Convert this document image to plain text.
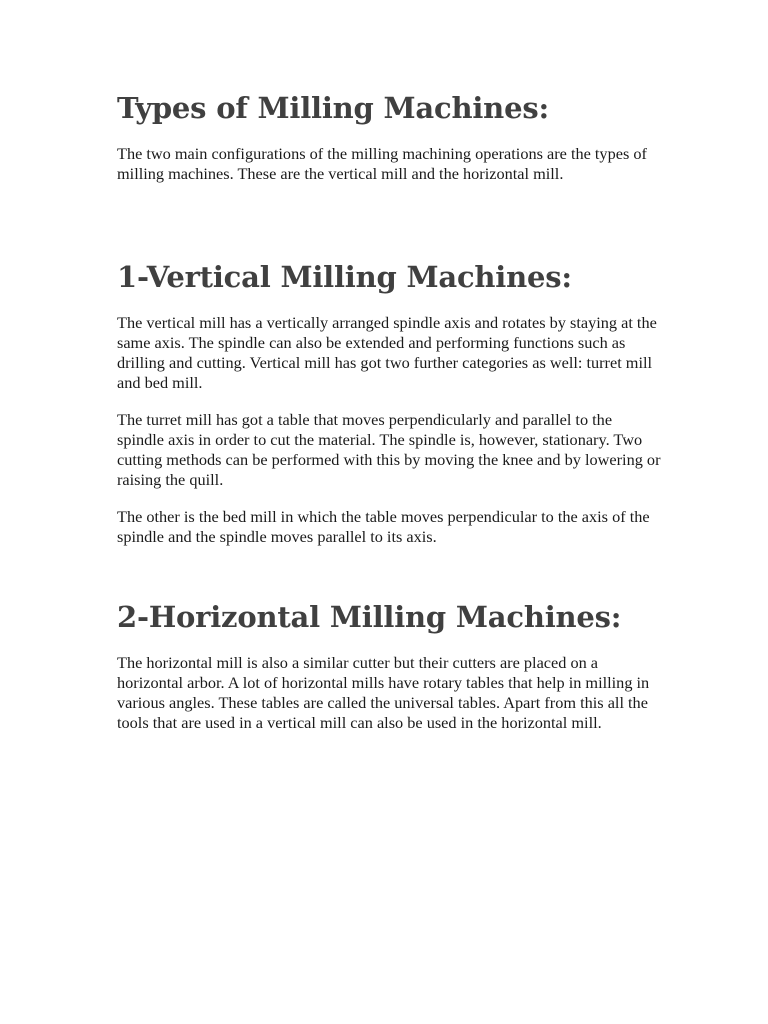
Types of Milling Machines:

The two main configurations of the milling machining operations are the types of milling machines. These are the vertical mill and the horizontal mill.

1-Vertical Milling Machines:

The vertical mill has a vertically arranged spindle axis and rotates by staying at the same axis. The spindle can also be extended and performing functions such as drilling and cutting. Vertical mill has got two further categories as well: turret mill and bed mill.

The turret mill has got a table that moves perpendicularly and parallel to the spindle axis in order to cut the material. The spindle is, however, stationary. Two cutting methods can be performed with this by moving the knee and by lowering or raising the quill.

The other is the bed mill in which the table moves perpendicular to the axis of the spindle and the spindle moves parallel to its axis.

2-Horizontal Milling Machines:

The horizontal mill is also a similar cutter but their cutters are placed on a horizontal arbor. A lot of horizontal mills have rotary tables that help in milling in various angles. These tables are called the universal tables. Apart from this all the tools that are used in a vertical mill can also be used in the horizontal mill.
